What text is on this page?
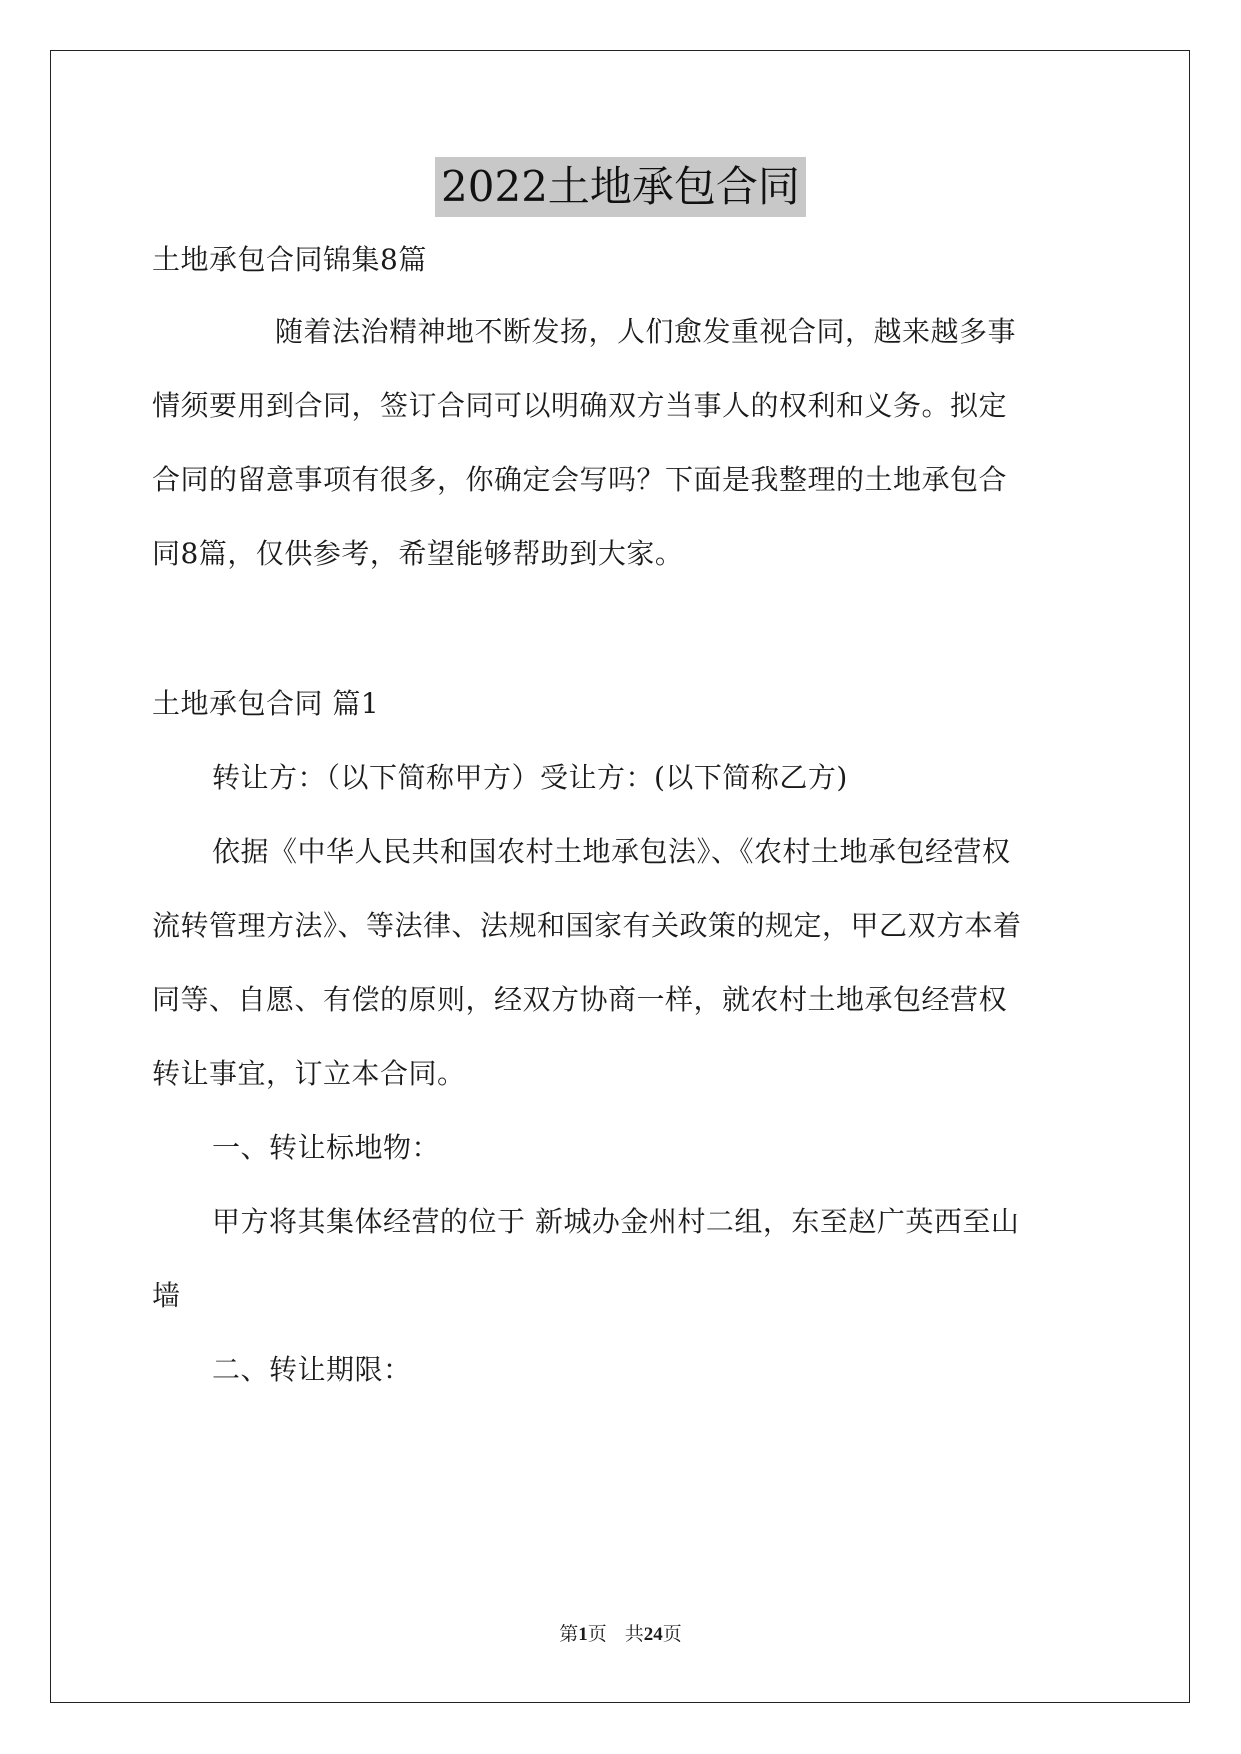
2022土地承包合同
土地承包合同锦集8篇
随着法治精神地不断发扬，人们愈发重视合同，越来越多事
情须要用到合同，签订合同可以明确双方当事人的权利和义务。拟定
合同的留意事项有很多，你确定会写吗？下面是我整理的土地承包合
同8篇，仅供参考，希望能够帮助到大家。
土地承包合同 篇1
转让方：（以下简称甲方）受让方：(以下简称乙方)
依据《中华人民共和国农村土地承包法》、《农村土地承包经营权
流转管理方法》、等法律、法规和国家有关政策的规定，甲乙双方本着
同等、自愿、有偿的原则，经双方协商一样，就农村土地承包经营权
转让事宜，订立本合同。
一、转让标地物：
甲方将其集体经营的位于 新城办金州村二组，东至赵广英西至山
墙
二、转让期限：
第1页 共24页
